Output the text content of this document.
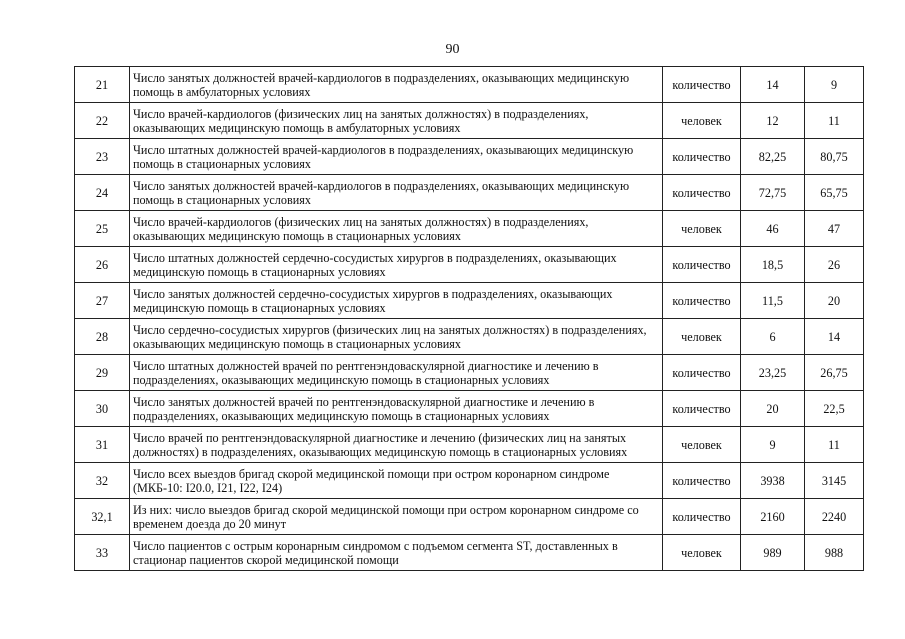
90
21	Число занятых должностей врачей-кардиологов в подразделениях, оказывающих медицинскую помощь в амбулаторных условиях	количество	14	9
22	Число врачей-кардиологов (физических лиц на занятых должностях) в подразделениях, оказывающих медицинскую помощь в амбулаторных условиях	человек	12	11
23	Число штатных должностей врачей-кардиологов в подразделениях, оказывающих медицинскую помощь в стационарных условиях	количество	82,25	80,75
24	Число занятых должностей врачей-кардиологов в подразделениях, оказывающих медицинскую помощь в стационарных условиях	количество	72,75	65,75
25	Число врачей-кардиологов (физических лиц на занятых должностях) в подразделениях, оказывающих медицинскую помощь в стационарных условиях	человек	46	47
26	Число штатных должностей сердечно-сосудистых хирургов в подразделениях, оказывающих медицинскую помощь в стационарных условиях	количество	18,5	26
27	Число занятых должностей сердечно-сосудистых хирургов в подразделениях, оказывающих медицинскую помощь в стационарных условиях	количество	11,5	20
28	Число сердечно-сосудистых хирургов (физических лиц на занятых должностях) в подразделениях, оказывающих медицинскую помощь в стационарных условиях	человек	6	14
29	Число штатных должностей врачей по рентгенэндоваскулярной диагностике и лечению в подразделениях, оказывающих медицинскую помощь в стационарных условиях	количество	23,25	26,75
30	Число занятых должностей врачей по рентгенэндоваскулярной диагностике и лечению в подразделениях, оказывающих медицинскую помощь в стационарных условиях	количество	20	22,5
31	Число врачей по рентгенэндоваскулярной диагностике и лечению (физических лиц на занятых должностях) в подразделениях, оказывающих медицинскую помощь в стационарных условиях	человек	9	11
32	Число всех выездов бригад скорой медицинской помощи при остром коронарном синдроме (МКБ-10: I20.0, I21, I22, I24)	количество	3938	3145
32,1	Из них: число выездов бригад скорой медицинской помощи при остром коронарном синдроме со временем доезда до 20 минут	количество	2160	2240
33	Число пациентов с острым коронарным синдромом с подъемом сегмента ST, доставленных в стационар пациентов скорой медицинской помощи	человек	989	988
